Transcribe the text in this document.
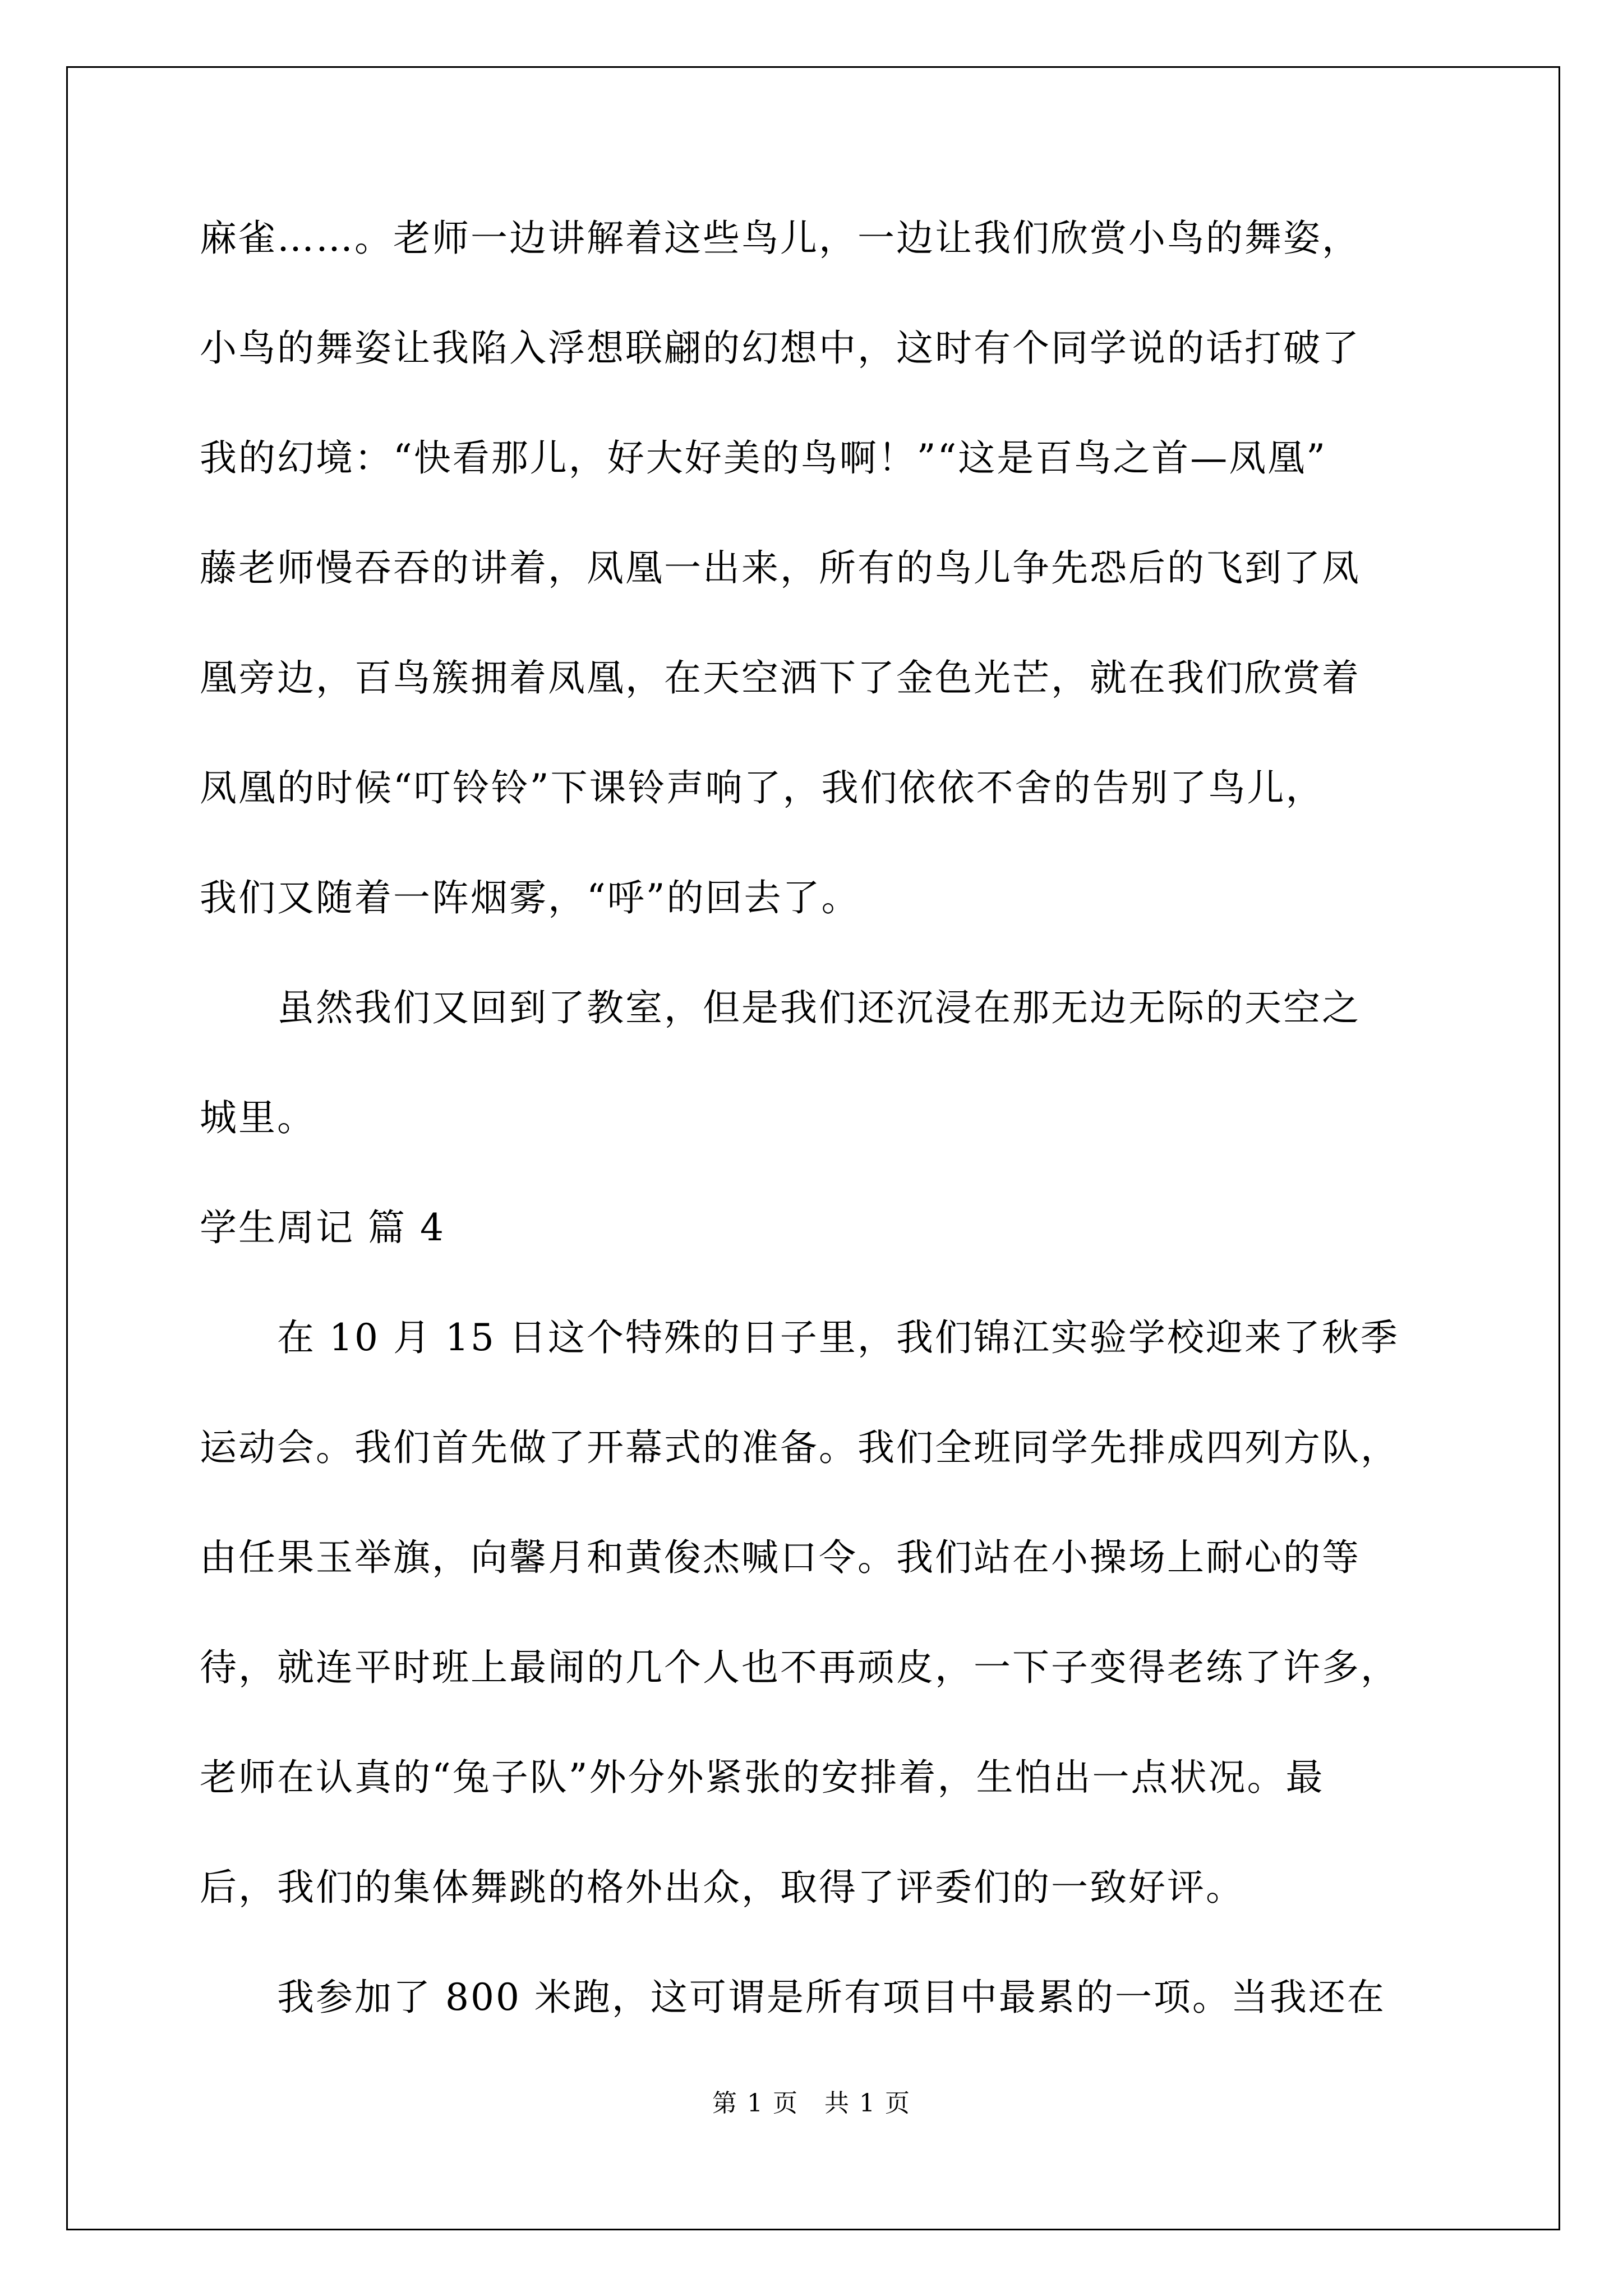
麻雀……。老师一边讲解着这些鸟儿，一边让我们欣赏小鸟的舞姿，
小鸟的舞姿让我陷入浮想联翩的幻想中，这时有个同学说的话打破了
我的幻境：“快看那儿，好大好美的鸟啊！”“这是百鸟之首—凤凰”
藤老师慢吞吞的讲着，凤凰一出来，所有的鸟儿争先恐后的飞到了凤
凰旁边，百鸟簇拥着凤凰，在天空洒下了金色光芒，就在我们欣赏着
凤凰的时候“叮铃铃”下课铃声响了，我们依依不舍的告别了鸟儿，
我们又随着一阵烟雾，“呼”的回去了。
　　虽然我们又回到了教室，但是我们还沉浸在那无边无际的天空之
城里。
学生周记 篇 4
　　在 10 月 15 日这个特殊的日子里，我们锦江实验学校迎来了秋季
运动会。我们首先做了开幕式的准备。我们全班同学先排成四列方队，
由任果玉举旗，向馨月和黄俊杰喊口令。我们站在小操场上耐心的等
待，就连平时班上最闹的几个人也不再顽皮，一下子变得老练了许多，
老师在认真的“兔子队”外分外紧张的安排着，生怕出一点状况。最
后，我们的集体舞跳的格外出众，取得了评委们的一致好评。
　　我参加了 800 米跑，这可谓是所有项目中最累的一项。当我还在
第 1 页　共 1 页
